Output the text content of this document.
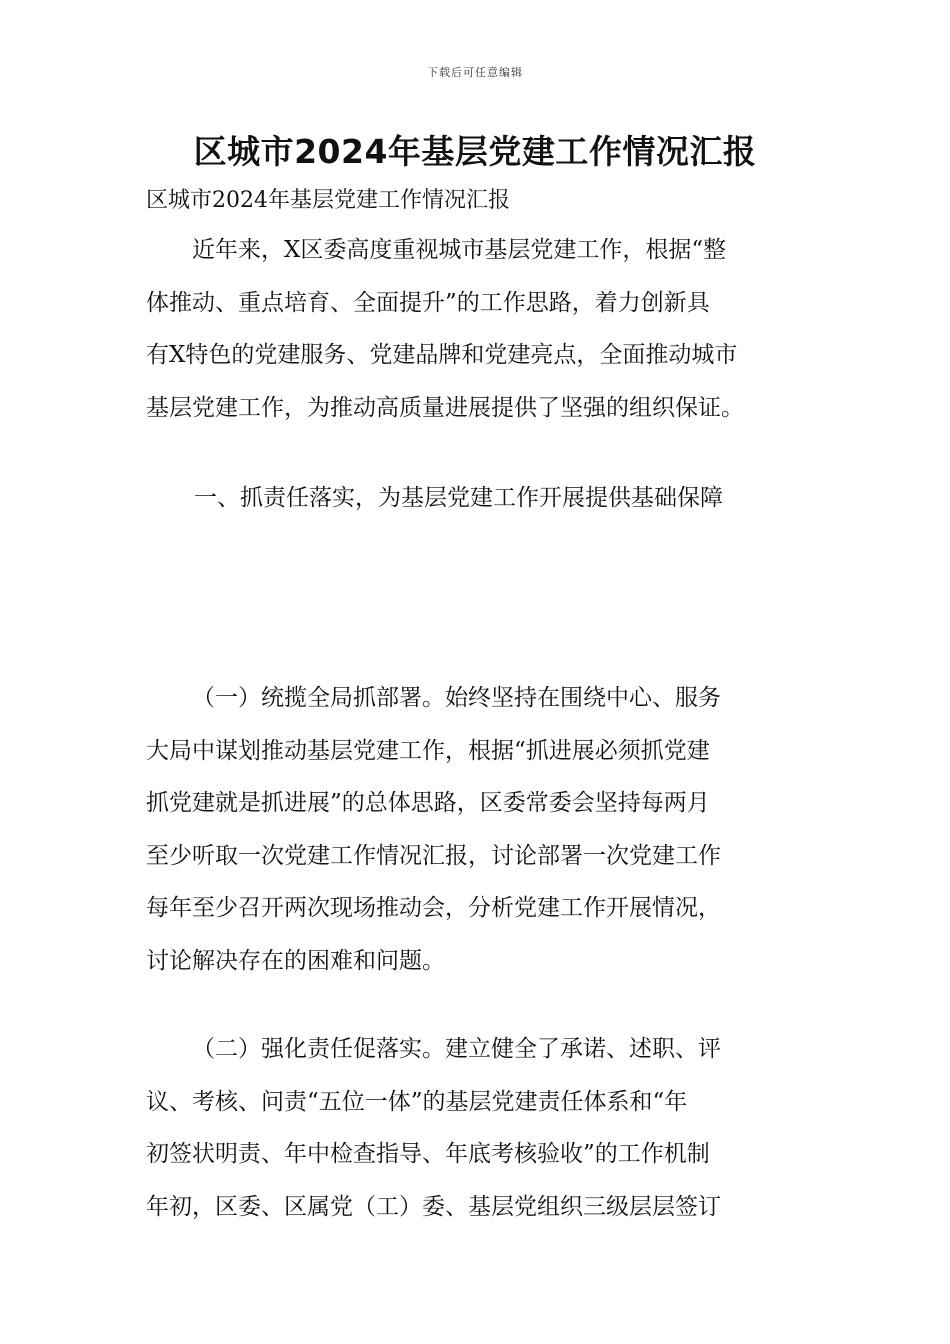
下载后可任意编辑
区城市2024年基层党建工作情况汇报
区城市2024年基层党建工作情况汇报
近年来，X区委高度重视城市基层党建工作，根据“整
体推动、重点培育、全面提升”的工作思路，着力创新具
有X特色的党建服务、党建品牌和党建亮点，全面推动城市
基层党建工作，为推动高质量进展提供了坚强的组织保证。
一、抓责任落实，为基层党建工作开展提供基础保障
（一）统揽全局抓部署。始终坚持在围绕中心、服务
大局中谋划推动基层党建工作，根据“抓进展必须抓党建
抓党建就是抓进展”的总体思路，区委常委会坚持每两月
至少听取一次党建工作情况汇报，讨论部署一次党建工作
每年至少召开两次现场推动会，分析党建工作开展情况，
讨论解决存在的困难和问题。
（二）强化责任促落实。建立健全了承诺、述职、评
议、考核、问责“五位一体”的基层党建责任体系和“年
初签状明责、年中检查指导、年底考核验收”的工作机制
年初，区委、区属党（工）委、基层党组织三级层层签订
